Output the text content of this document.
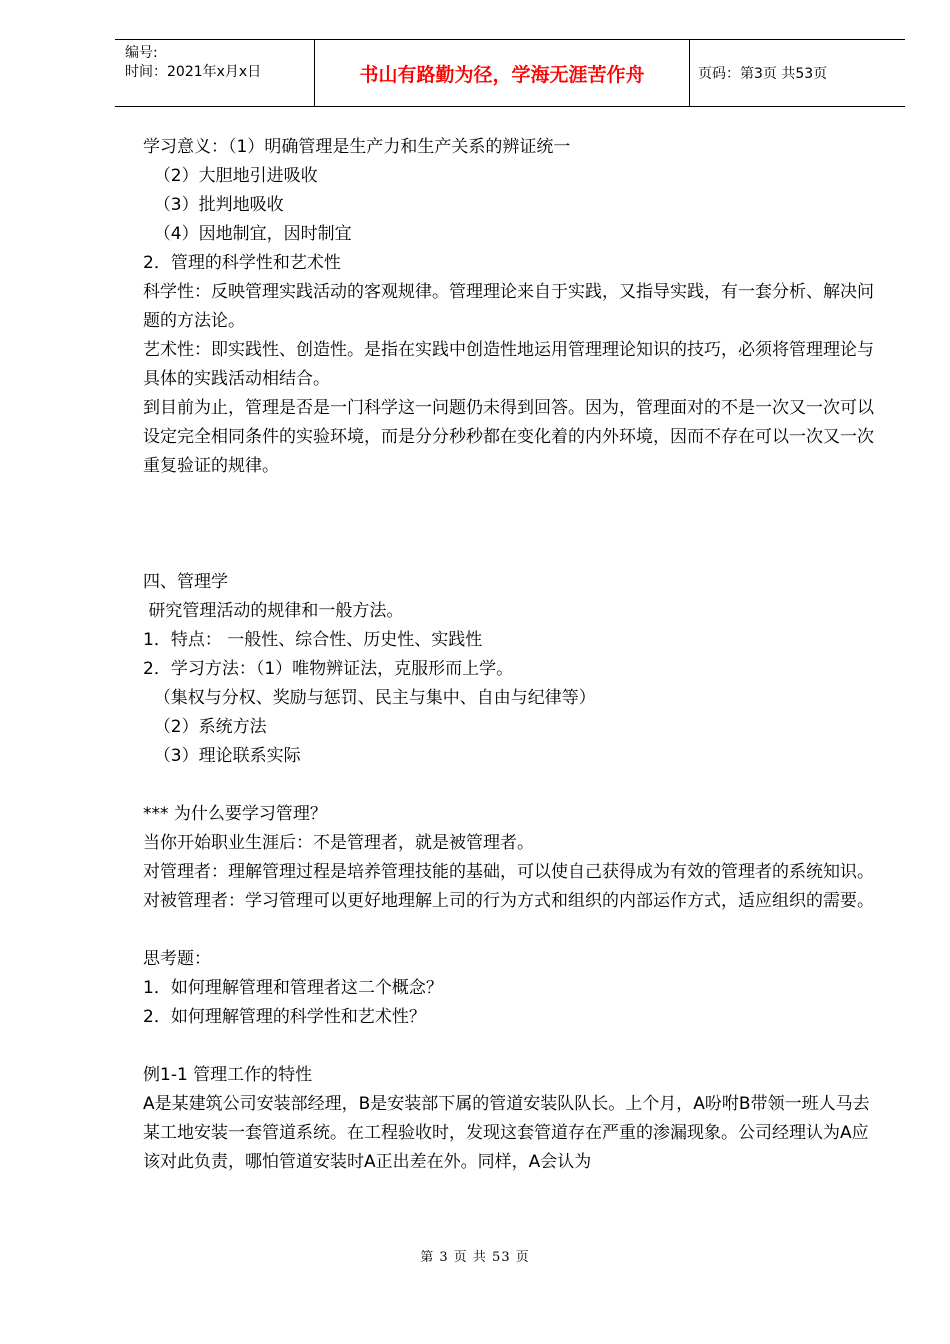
编号:
时间：2021年x月x日	书山有路勤为径，学海无涯苦作舟	页码：第3页 共53页

学习意义：（1）明确管理是生产力和生产关系的辨证统一

（2）大胆地引进吸收

（3）批判地吸收

（4）因地制宜，因时制宜

2．管理的科学性和艺术性

科学性：反映管理实践活动的客观规律。管理理论来自于实践，又指导实践，有一套分析、解决问题的方法论。

艺术性：即实践性、创造性。是指在实践中创造性地运用管理理论知识的技巧，必须将管理理论与具体的实践活动相结合。

到目前为止，管理是否是一门科学这一问题仍未得到回答。因为，管理面对的不是一次又一次可以设定完全相同条件的实验环境，而是分分秒秒都在变化着的内外环境，因而不存在可以一次又一次重复验证的规律。

四、管理学

研究管理活动的规律和一般方法。

1．特点： 一般性、综合性、历史性、实践性

2．学习方法：（1）唯物辨证法，克服形而上学。

（集权与分权、奖励与惩罚、民主与集中、自由与纪律等）

（2）系统方法

（3）理论联系实际

*** 为什么要学习管理？

当你开始职业生涯后：不是管理者，就是被管理者。

对管理者：理解管理过程是培养管理技能的基础，可以使自己获得成为有效的管理者的系统知识。

对被管理者：学习管理可以更好地理解上司的行为方式和组织的内部运作方式，适应组织的需要。

思考题：

1．如何理解管理和管理者这二个概念？

2．如何理解管理的科学性和艺术性？

例1-1 管理工作的特性

A是某建筑公司安装部经理，B是安装部下属的管道安装队队长。上个月，A吩咐B带领一班人马去某工地安装一套管道系统。在工程验收时，发现这套管道存在严重的渗漏现象。公司经理认为A应该对此负责，哪怕管道安装时A正出差在外。同样，A会认为

第 3 页 共 53 页
